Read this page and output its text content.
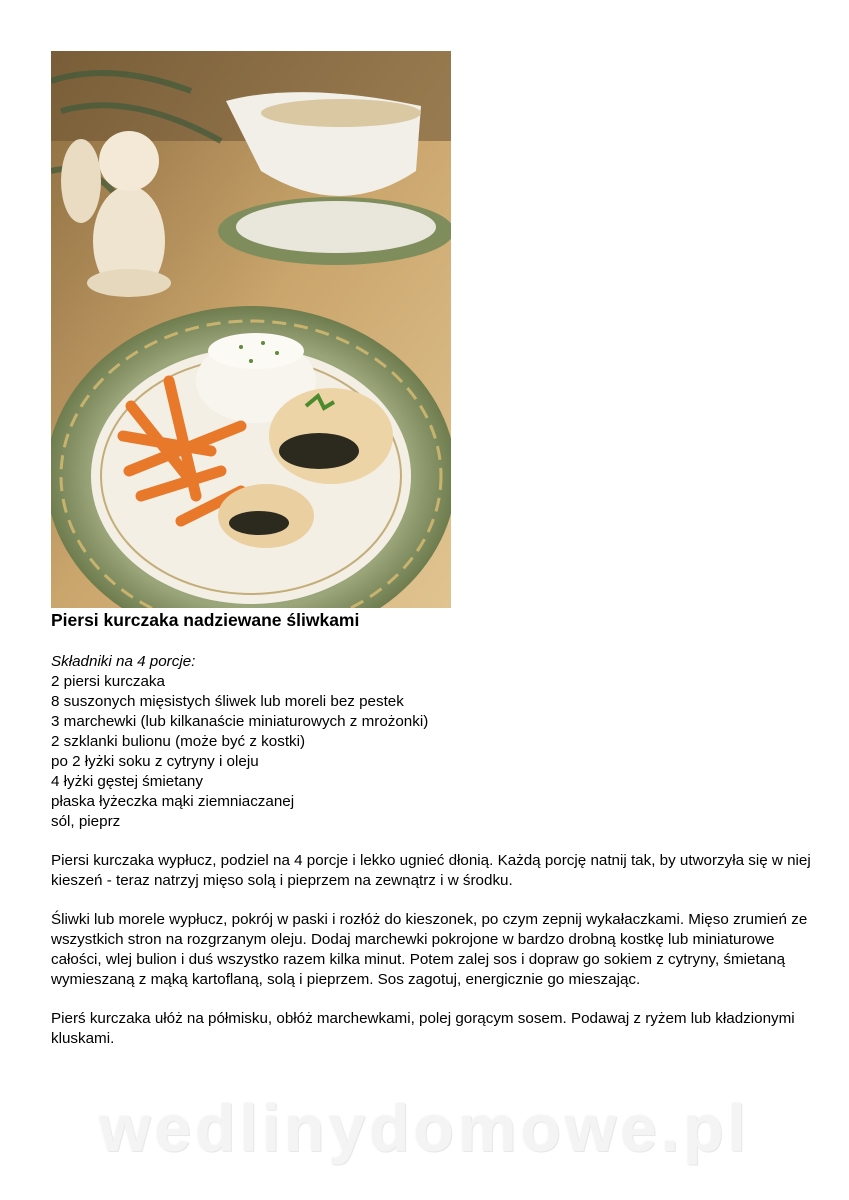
Piersi kurczaka nadziewane śliwkami
Składniki na 4 porcje:
2 piersi kurczaka
8 suszonych mięsistych śliwek lub moreli bez pestek
3 marchewki (lub kilkanaście miniaturowych z mrożonki)
2 szklanki bulionu (może być z kostki)
po 2 łyżki soku z cytryny i oleju
4 łyżki gęstej śmietany
płaska łyżeczka mąki ziemniaczanej
sól, pieprz

Piersi kurczaka wypłucz, podziel na 4 porcje i lekko ugnieć dłonią. Każdą porcję natnij tak, by utworzyła się w niej kieszeń - teraz natrzyj mięso solą i pieprzem na zewnątrz i w środku.

Śliwki lub morele wypłucz, pokrój w paski i rozłóż do kieszonek, po czym zepnij wykałaczkami. Mięso zrumień ze wszystkich stron na rozgrzanym oleju. Dodaj marchewki pokrojone w bardzo drobną kostkę lub miniaturowe całości, wlej bulion i duś wszystko razem kilka minut. Potem zalej sos i dopraw go sokiem z cytryny, śmietaną wymieszaną z mąką kartoflaną, solą i pieprzem. Sos zagotuj, energicznie go mieszając.

Pierś kurczaka ułóż na półmisku, obłóż marchewkami, polej gorącym sosem. Podawaj z ryżem lub kładzionymi kluskami.

wedlinydomowe.pl
